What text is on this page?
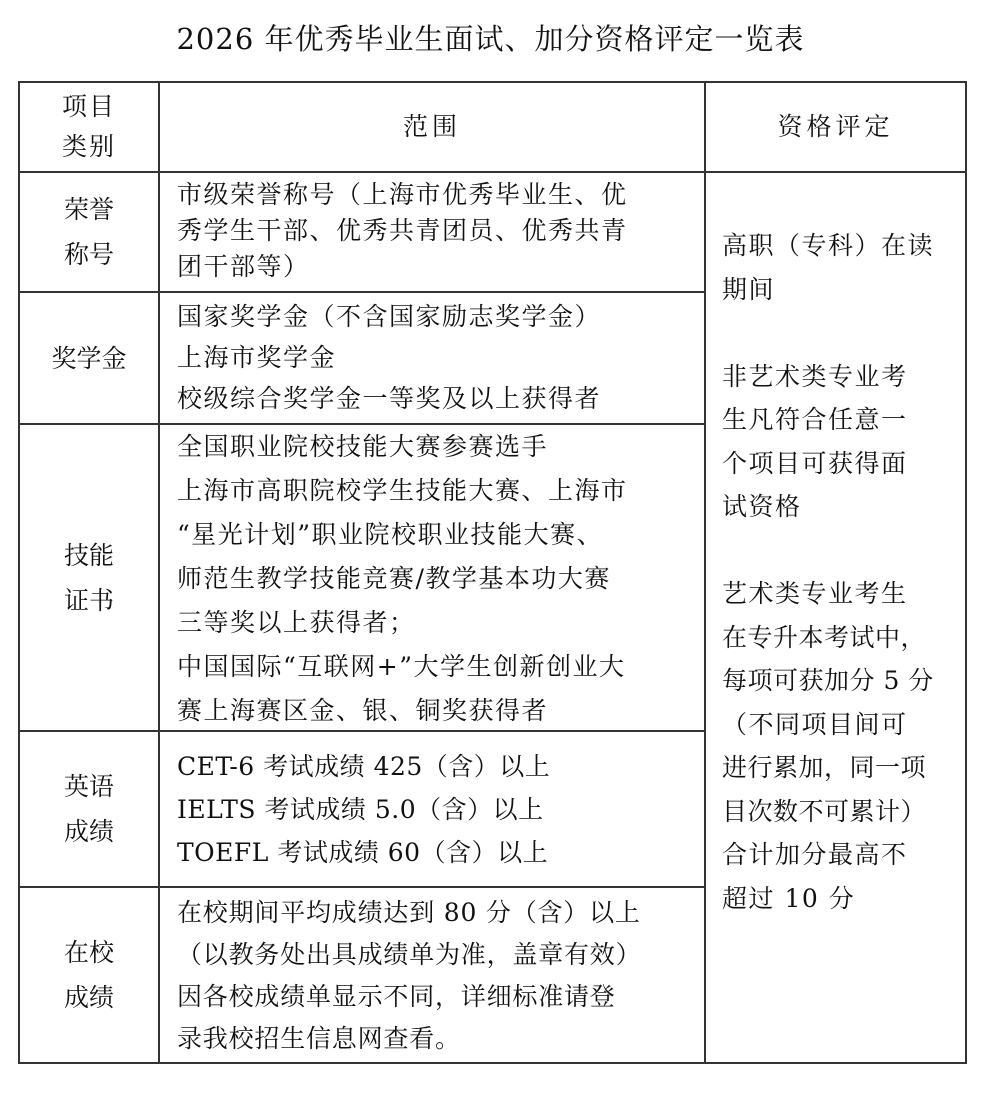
2026 年优秀毕业生面试、加分资格评定一览表
项目
类别
范围	资格评定
荣誉
称号
市级荣誉称号（上海市优秀毕业生、优
秀学生干部、优秀共青团员、优秀共青
团干部等）
奖学金
国家奖学金（不含国家励志奖学金）
上海市奖学金
校级综合奖学金一等奖及以上获得者
技能
证书
全国职业院校技能大赛参赛选手
上海市高职院校学生技能大赛、上海市
“星光计划”职业院校职业技能大赛、
师范生教学技能竞赛/教学基本功大赛
三等奖以上获得者；
中国国际“互联网+”大学生创新创业大
赛上海赛区金、银、铜奖获得者
英语
成绩
CET-6 考试成绩 425（含）以上
IELTS 考试成绩 5.0（含）以上
TOEFL 考试成绩 60（含）以上
在校
成绩
在校期间平均成绩达到 80 分（含）以上
（以教务处出具成绩单为准，盖章有效）
因各校成绩单显示不同，详细标准请登
录我校招生信息网查看。
高职（专科）在读
期间
非艺术类专业考
生凡符合任意一
个项目可获得面
试资格
艺术类专业考生
在专升本考试中，
每项可获加分 5 分
（不同项目间可
进行累加，同一项
目次数不可累计）
合计加分最高不
超过 10 分
